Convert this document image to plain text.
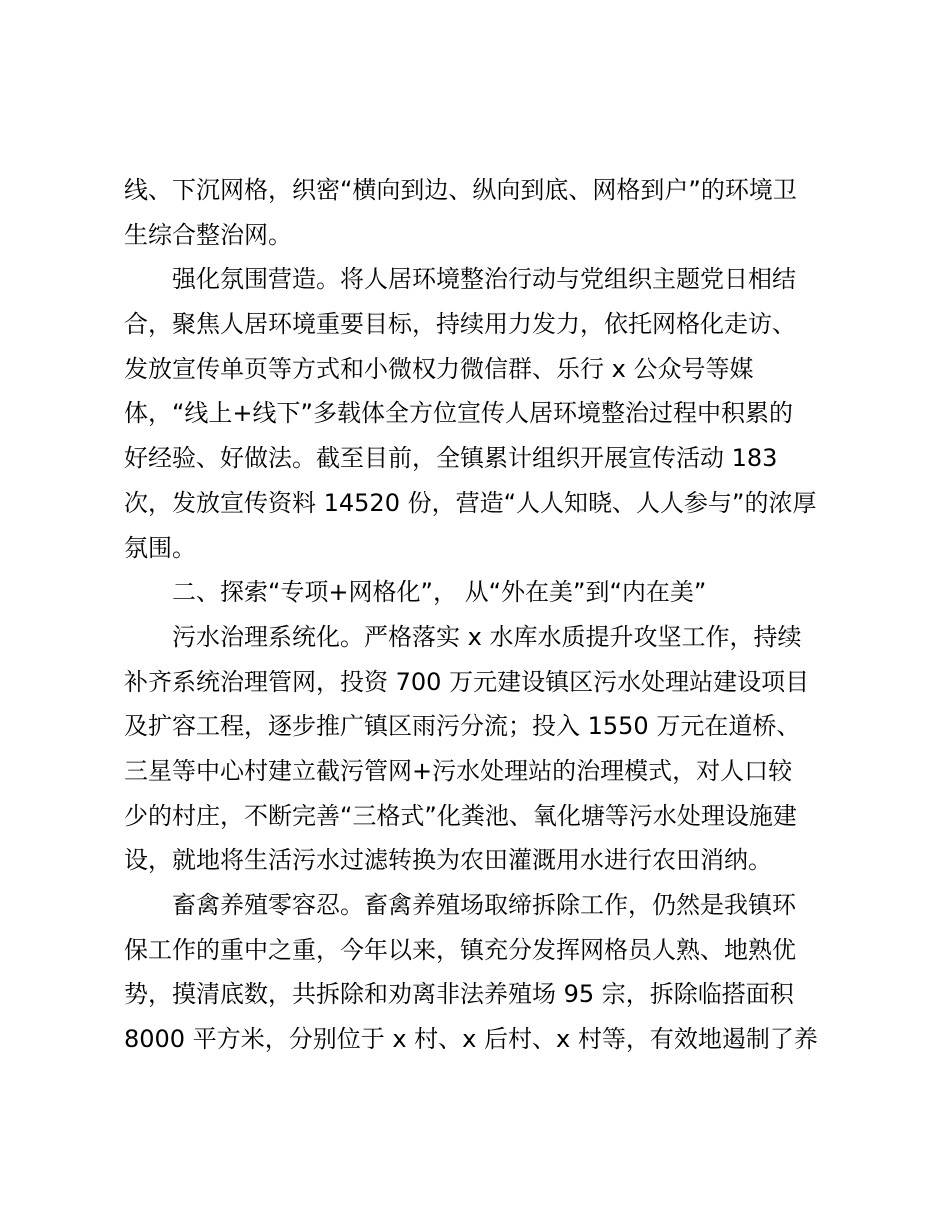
线、下沉网格，织密“横向到边、纵向到底、网格到户”的环境卫
生综合整治网。
强化氛围营造。将人居环境整治行动与党组织主题党日相结
合，聚焦人居环境重要目标，持续用力发力，依托网格化走访、
发放宣传单页等方式和小微权力微信群、乐行 x 公众号等媒
体，“线上+线下”多载体全方位宣传人居环境整治过程中积累的
好经验、好做法。截至目前，全镇累计组织开展宣传活动 183
次，发放宣传资料 14520 份，营造“人人知晓、人人参与”的浓厚
氛围。
二、探索“专项+网格化”， 从“外在美”到“内在美”
污水治理系统化。严格落实 x 水库水质提升攻坚工作，持续
补齐系统治理管网，投资 700 万元建设镇区污水处理站建设项目
及扩容工程，逐步推广镇区雨污分流；投入 1550 万元在道桥、
三星等中心村建立截污管网+污水处理站的治理模式，对人口较
少的村庄，不断完善“三格式”化粪池、氧化塘等污水处理设施建
设，就地将生活污水过滤转换为农田灌溉用水进行农田消纳。
畜禽养殖零容忍。畜禽养殖场取缔拆除工作，仍然是我镇环
保工作的重中之重，今年以来，镇充分发挥网格员人熟、地熟优
势，摸清底数，共拆除和劝离非法养殖场 95 宗，拆除临搭面积
8000 平方米，分别位于 x 村、x 后村、x 村等，有效地遏制了养
